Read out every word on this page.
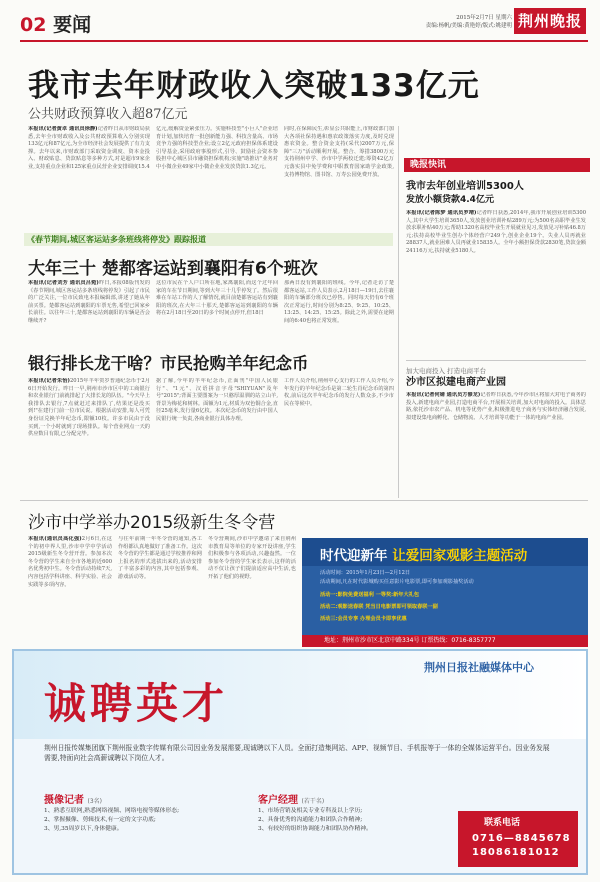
02 要闻	2015年2月7日 星期六
责编:杨帆/美编:黄艳婷/版式:姚建明 荆州晚报
我市去年财政收入突破133亿元
公共财政预算收入超87亿元
本报讯(记者黄卓 通讯员徐静)记者昨日从市财政局获悉,去年全市财政收入及公共财政预算收入分别实现133亿元和87亿元,为全市经济社会发展提供了有力支撑。去年以来,市财政部门采取资金调度、资本金投入、财政贴息、贷款贴息等多种方式,对是超市9家企业,支持重点企业和125家重点民营企业安排调度15.4
亿元,缓解资金紧张压力。实施科技型"小巨人"企业培育计划,加快培育一批创新能力强、科技含量高、市场竞争力强的科技型企业;设立2亿元政府担保体系建设引导基金,采用政府事股形式,引导、鼓励社会资本参股担中心城区县市融资担保机构;实施"助推访"业务对中小微企业49家中小微企业业发放贷款1.3亿元。
同时,在保障民生,彰显公共职能上,市财政部门加大各项社保持遇和惠农政策落实力度,及时兑现惠农资金。整合资金支持(采代)2007万元,保障"三万"活动顺利开展。整合、筹措3800万元支持荆州中学、沙市中学两校迁建;筹资42亿万元落实县中免学费和中职教育国家助学金政策,支持博物馆、图书馆、万寿公园免费开放。
《春节期间,城区客运站多条班线将停发》跟踪报道
大年三十 楚都客运站到襄阳有6个班次
本报讯(记者刘芳 通讯员吕菀)昨日,本报08版刊发的《春节期间,城区客运站多条班线将停发》引起了市民的广泛关注,一位市民致电本报编辑部,讲述了她从年前买票。楚都客运站到襄阳的车票无售,希望已回家乡长前往。以往年三十,楚都客运站到襄阳的车辆是否会继续开?
这位市民在个人户口所在地,家离襄阳,而这个过年回家的车在节日期间,等到大年三十几乎停发了。然后很难在车站工作的人了解情况,就目前楚都客运站有到襄阳的班次,在大年三十那天,楚都客运站到襄阳的车辆将在2月18日至20日的多个时间点停开,但18日
那两日没有到襄阳的班线。今年,记者走访了楚都客运站,工作人员表示,2月18日—19日,去往襄阳的车辆部分班次已停售。同时每天仍有6个班次正常运行,时间分别为8:25、9:25、10:25、13:25、14:25、15:25。除此之外,需要在途期间的6:40也将正常发班。
银行排长龙干啥？市民抢购羊年纪念币
本报讯(记者朱怡)2015年羊年贺岁普通纪念币于2月6日开始发行。昨日一早,荆州市沙市区中的工商银行和农业银行门前就排起了大排长龙的队伍。"今天早上我排队去银行,7点就赶过来排队了,结果还是没买到!"在建行门前一位市民说。根据活动安排,每人可凭身份证兑换羊年纪念币,限额10枚。许多市民由于没买到,一个小时就到了现场排队。每个营业网点一天的供应数目有限,已分配完毕。
据了解,今年的羊年纪念币,正面刊"中国人民银行"、"1元"、汉语拼音字母"SHIYUAN"及年号"2015";背面主要图案为一只憨厚温驯的站立山羊,背景为梅花和树林。面额为1元,材质为双色铜合金,直径25毫米,发行量6亿枚。本次纪念币的发行由中国人民银行统一负责,各商业银行具体办理。
工作人员介绍,荆州中心支行的工作人员介绍,今年发行的羊年纪念币是第二轮生肖纪念币的第四枚,前后这次羊年纪念币的发行人数众多,不少市民在等候中。
晚报快讯
我市去年创业培训5300人
发放小额贷款4.4亿元
本报讯(记者陈梦 通讯员罗靖)记者昨日获悉,2014年,我市开展创业培训5300人,其中大学生培训3650人,发放创业培训补贴289万元;为500名高职毕业生发放求职补贴40万元;帮助1320名高校毕业生开展就业见习,发放见习补贴46.8万元;扶持高校毕业生创办个体经营户249个,创业企业19个。失业人员再就业28837人,就业困难人员再就业15835人。全年小额担保贷款2830笔,贷款金额24116万元,扶持就业5180人。
加大电商投入 打造电商平台
沙市区拟建电商产业园
本报讯(记者何婧 通讯员方修龙)记者昨日获悉,今年沙市区将加大对电子商务的投入,新建电商产业园,打造电商平台,开展相关培训,加大对电商的投入。具体思路,依托沙市农产品、机电等优势产业,积极推进电子商务与实体经济融合发展,拟建设集电商孵化、仓储物流、人才培训等功能于一体的电商产业园。
沙市中学举办2015级新生冬令营
本报讯(通讯员高化强)2月6日,在这个的初中界人里,沙市中学中学活动2015级新生冬令营开营。参加本次冬令营的学生来自全市各地的近600名优秀初中生。冬令营活动持续7天,内容包括学科讲座、科学实验、社会实践等多项内容。
与往年前期一年冬令营的通知,各工作组都认真地做好了准备工作。这次冬令营的学生都是通过学校推荐和网上报名的形式选拔出来的,活动安排了丰富多彩的内容,其中包括参观、游戏活动等。
冬令营期间,沙市中学邀请了来自荆州市教育局等单位的专家开设讲座,学生们积极参与各项活动,兴趣盎然。一位参加冬令营的学生家长表示,这样的活动不仅让孩子们提前适应高中生活,也开拓了他们的视野。
时代迎新年 让爱回家观影主题活动
活动时间：2015年1月23日—2月12日
活动期间,凡在时代影城购买任意影片电影票,即可参加观影抽奖活动
活动一:影院免费送福利 一等奖:新年大礼包
活动二:观影送春联 凭当日电影票即可领取春联一副
活动三:会员专享 办理会员卡即享优惠
地址：荆州市沙市区北京中路334号 订票热线：0716-8357777
诚聘英才
荆州日报社融媒体中心
荆州日报传媒集团旗下荆州报业数字传媒有限公司因业务发展需要,现诚聘以下人员。全面打造集网站、APP、视频节目、手机报等于一体的全媒体运营平台。因业务发展需要,特面向社会高薪诚聘以下岗位人才。
摄像记者 (3名)
1、熟悉互联网,熟悉网络视频、网络电视等媒体形态;
2、掌握摄像、剪辑技术,有一定的文字功底;
3、男,35周岁以下,身体健康。
客户经理 (若干名)
1、市场营销及相关专业专科及以上学历;
2、具备优秀的沟通能力和团队合作精神;
3、有较好的组织协调能力和团队协作精神。
联系电话
0716—8845678
18086181012
